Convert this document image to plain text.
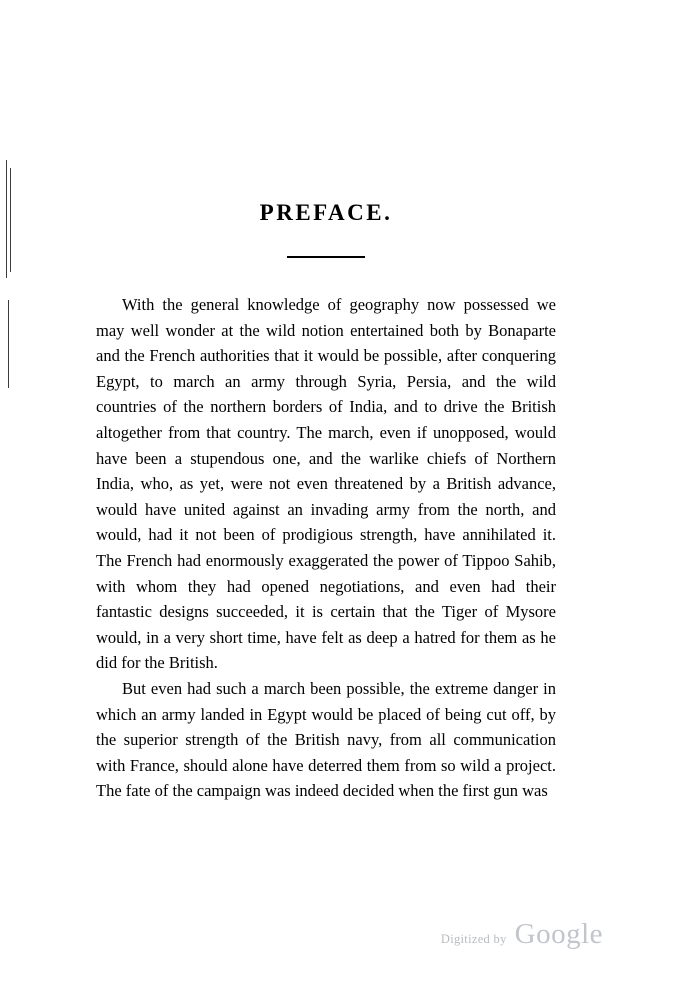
PREFACE.

With the general knowledge of geography now possessed we may well wonder at the wild notion entertained both by Bonaparte and the French authorities that it would be possible, after conquering Egypt, to march an army through Syria, Persia, and the wild countries of the northern borders of India, and to drive the British altogether from that country. The march, even if unopposed, would have been a stupendous one, and the warlike chiefs of Northern India, who, as yet, were not even threatened by a British advance, would have united against an invading army from the north, and would, had it not been of prodigious strength, have annihilated it. The French had enormously exaggerated the power of Tippoo Sahib, with whom they had opened negotiations, and even had their fantastic designs succeeded, it is certain that the Tiger of Mysore would, in a very short time, have felt as deep a hatred for them as he did for the British.

But even had such a march been possible, the extreme danger in which an army landed in Egypt would be placed of being cut off, by the superior strength of the British navy, from all communication with France, should alone have deterred them from so wild a project. The fate of the campaign was indeed decided when the first gun was

Digitized by Google
